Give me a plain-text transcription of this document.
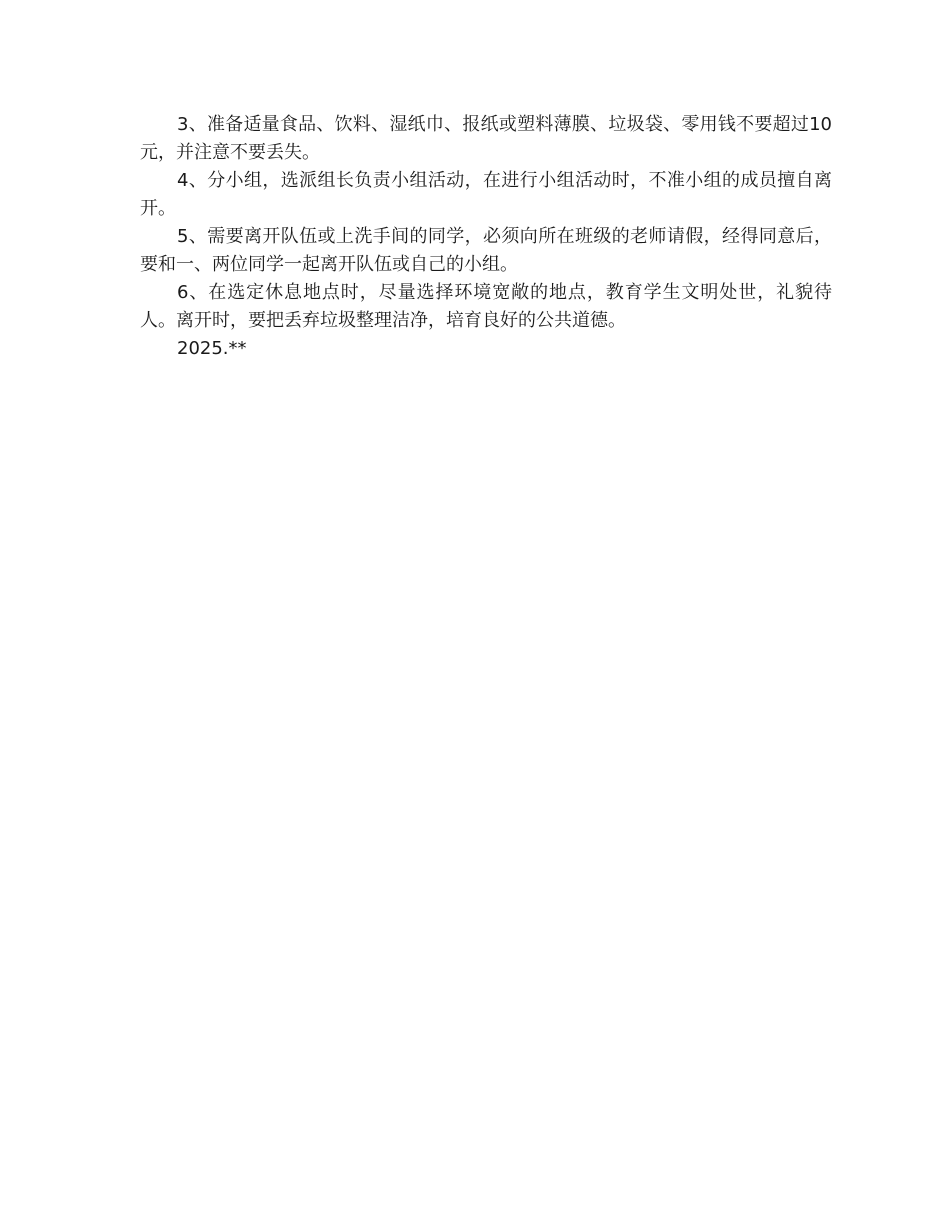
3、准备适量食品、饮料、湿纸巾、报纸或塑料薄膜、垃圾袋、零用钱不要超过10元，并注意不要丢失。

4、分小组，选派组长负责小组活动，在进行小组活动时，不准小组的成员擅自离开。

5、需要离开队伍或上洗手间的同学，必须向所在班级的老师请假，经得同意后，要和一、两位同学一起离开队伍或自己的小组。

6、在选定休息地点时，尽量选择环境宽敞的地点，教育学生文明处世，礼貌待人。离开时，要把丢弃垃圾整理洁净，培育良好的公共道德。

2025.**
